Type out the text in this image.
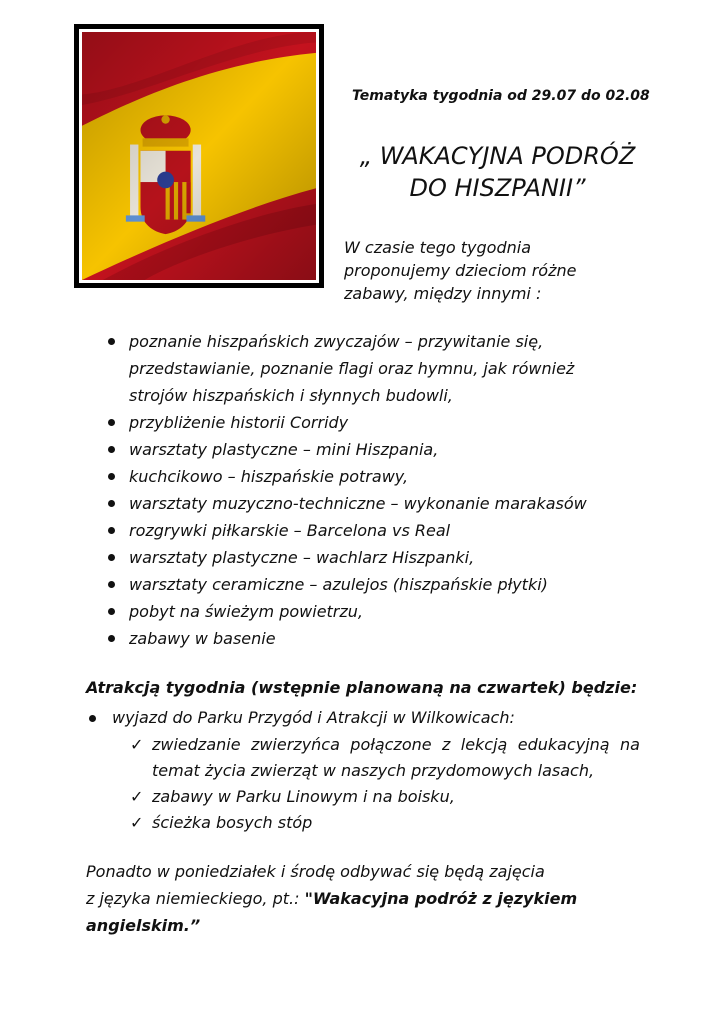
Tematyka tygodnia od 29.07 do 02.08
„ WAKACYJNA PODRÓŻ
DO HISZPANII”
W czasie tego tygodnia
proponujemy dzieciom różne
zabawy, między innymi :
poznanie hiszpańskich zwyczajów – przywitanie się,
przedstawianie, poznanie flagi oraz hymnu, jak również
strojów hiszpańskich i słynnych budowli,
przybliżenie historii Corridy
warsztaty plastyczne – mini Hiszpania,
kuchcikowo – hiszpańskie potrawy,
warsztaty muzyczno-techniczne – wykonanie marakasów
rozgrywki piłkarskie – Barcelona vs Real
warsztaty plastyczne – wachlarz Hiszpanki,
warsztaty ceramiczne – azulejos (hiszpańskie płytki)
pobyt na świeżym powietrzu,
zabawy w basenie
Atrakcją tygodnia (wstępnie planowaną na czwartek) będzie:
wyjazd do Parku Przygód i Atrakcji w Wilkowicach:
✓ zwiedzanie zwierzyńca połączone z lekcją edukacyjną na
temat życia zwierząt w naszych przydomowych lasach,
✓ zabawy w Parku Linowym i na boisku,
✓ ścieżka bosych stóp
Ponadto w poniedziałek i środę odbywać się będą zajęcia
z języka niemieckiego, pt.: "Wakacyjna podróż z językiem
angielskim.”
